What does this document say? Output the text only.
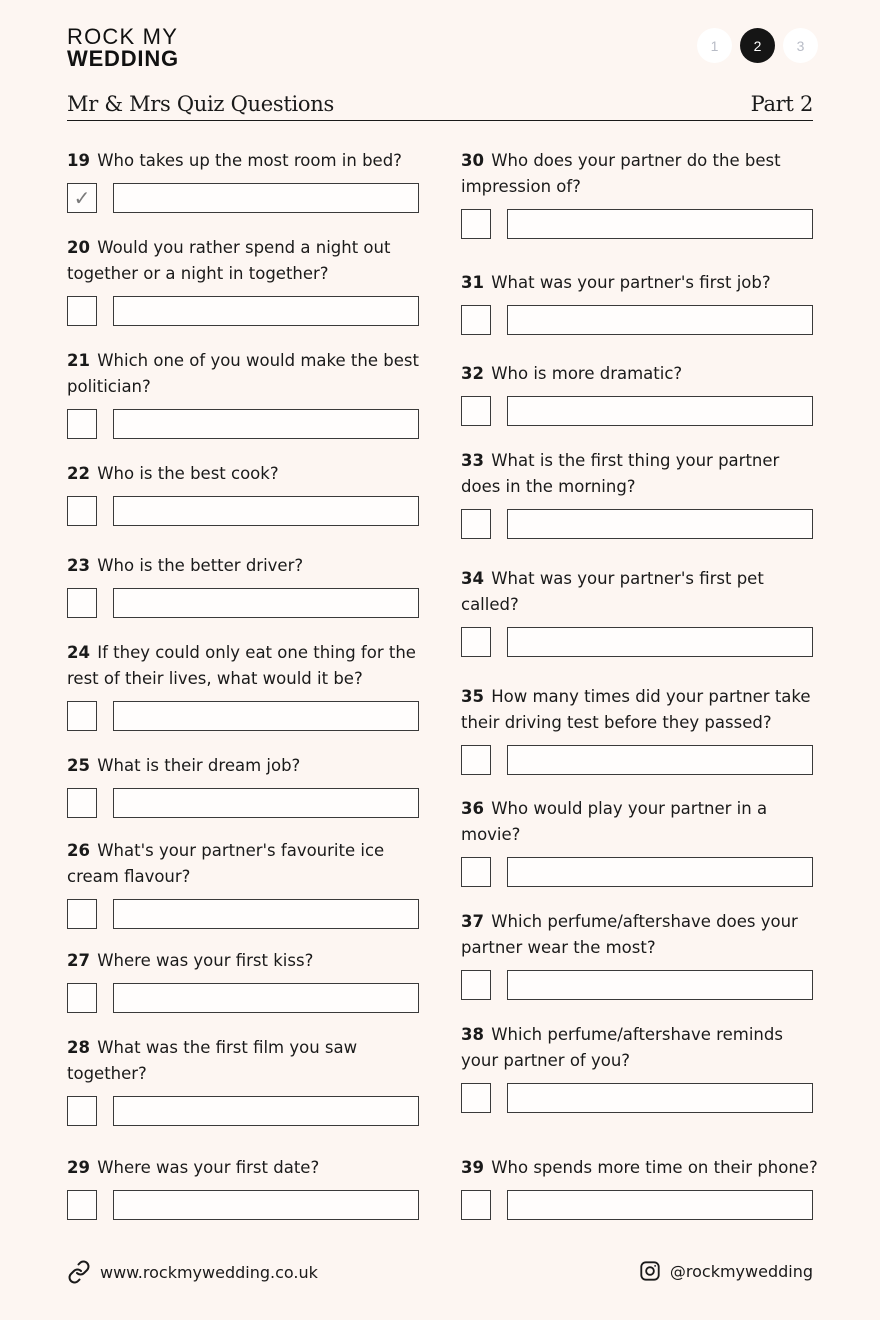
ROCK MY
WEDDING
1	2	3
Mr & Mrs Quiz Questions	Part 2

19 Who takes up the most room in bed?

✓

20 Would you rather spend a night out together or a night in together?

21 Which one of you would make the best politician?

22 Who is the best cook?

23 Who is the better driver?

24 If they could only eat one thing for the rest of their lives, what would it be?

25 What is their dream job?

26 What's your partner's favourite ice cream flavour?

27 Where was your first kiss?

28 What was the first film you saw together?

29 Where was your first date?

30 Who does your partner do the best impression of?

31 What was your partner's first job?

32 Who is more dramatic?

33 What is the first thing your partner does in the morning?

34 What was your partner's first pet called?

35 How many times did your partner take their driving test before they passed?

36 Who would play your partner in a movie?

37 Which perfume/aftershave does your partner wear the most?

38 Which perfume/aftershave reminds your partner of you?

39 Who spends more time on their phone?

www.rockmywedding.co.uk	@rockmywedding
